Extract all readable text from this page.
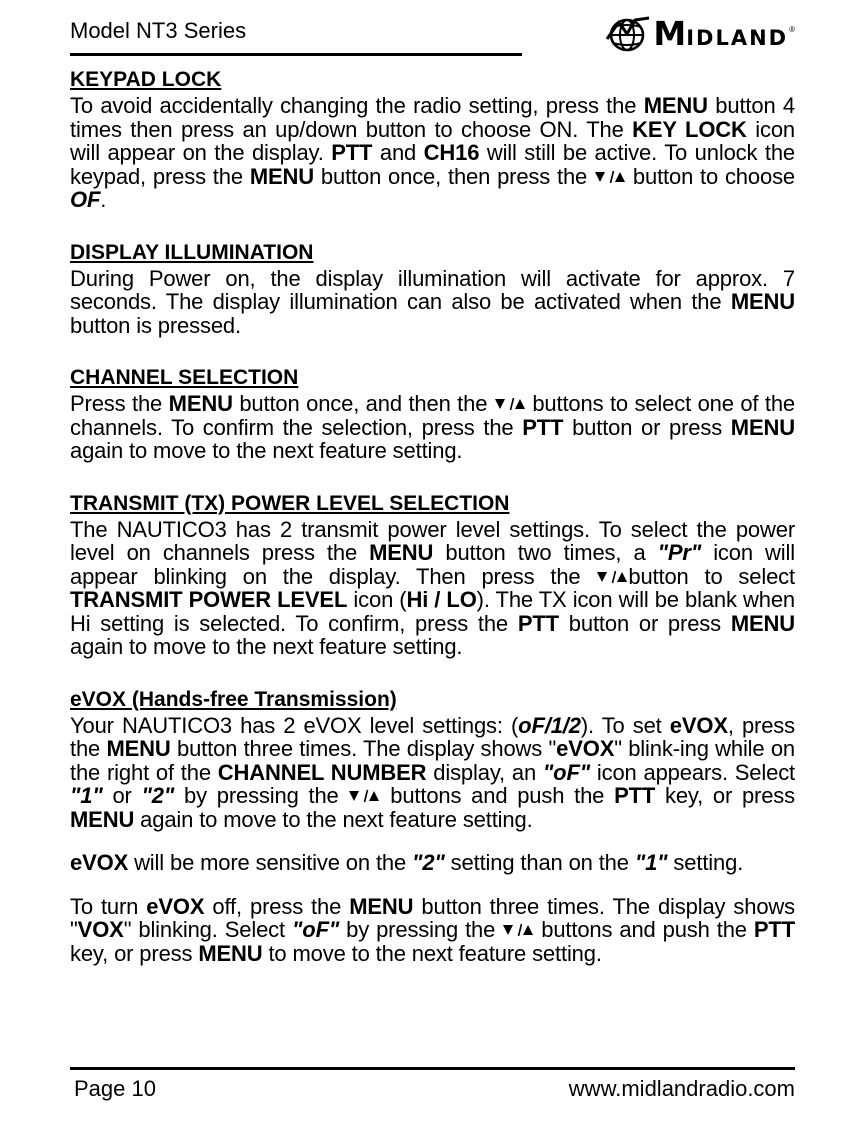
Model NT3 Series	MIDLAND ®
KEYPAD LOCK

To avoid accidentally changing the radio setting, press the MENU button 4 times then press an up/down button to choose ON. The KEY LOCK icon will appear on the display. PTT and CH16 will still be active. To unlock the keypad, press the MENU button once, then press the  button to choose OF.

DISPLAY ILLUMINATION

During Power on, the display illumination will activate for approx. 7 seconds. The display illumination can also be activated when the MENU button is pressed.

CHANNEL SELECTION

Press the MENU button once, and then the  buttons to select one of the channels. To confirm the selection, press the PTT button or press MENU again to move to the next feature setting.

TRANSMIT (TX) POWER LEVEL SELECTION

The NAUTICO3 has 2 transmit power level settings. To select the power level on channels press the MENU button two times, a "Pr" icon will appear blinking on the display. Then press the button to select TRANSMIT POWER LEVEL icon (Hi / LO). The TX icon will be blank when Hi setting is selected. To confirm, press the PTT button or press MENU again to move to the next feature setting.

eVOX (Hands-free Transmission)

Your NAUTICO3 has 2 eVOX level settings: (oF/1/2). To set eVOX, press the MENU button three times. The display shows "eVOX" blink-ing while on the right of the CHANNEL NUMBER display, an "oF" icon appears. Select "1" or "2" by pressing the  buttons and push the PTT key, or press MENU again to move to the next feature setting.

eVOX will be more sensitive on the "2" setting than on the "1" setting.

To turn eVOX off, press the MENU button three times. The display shows "VOX" blinking. Select "oF" by pressing the  buttons and push the PTT key, or press MENU to move to the next feature setting.

Page 10	www.midlandradio.com
